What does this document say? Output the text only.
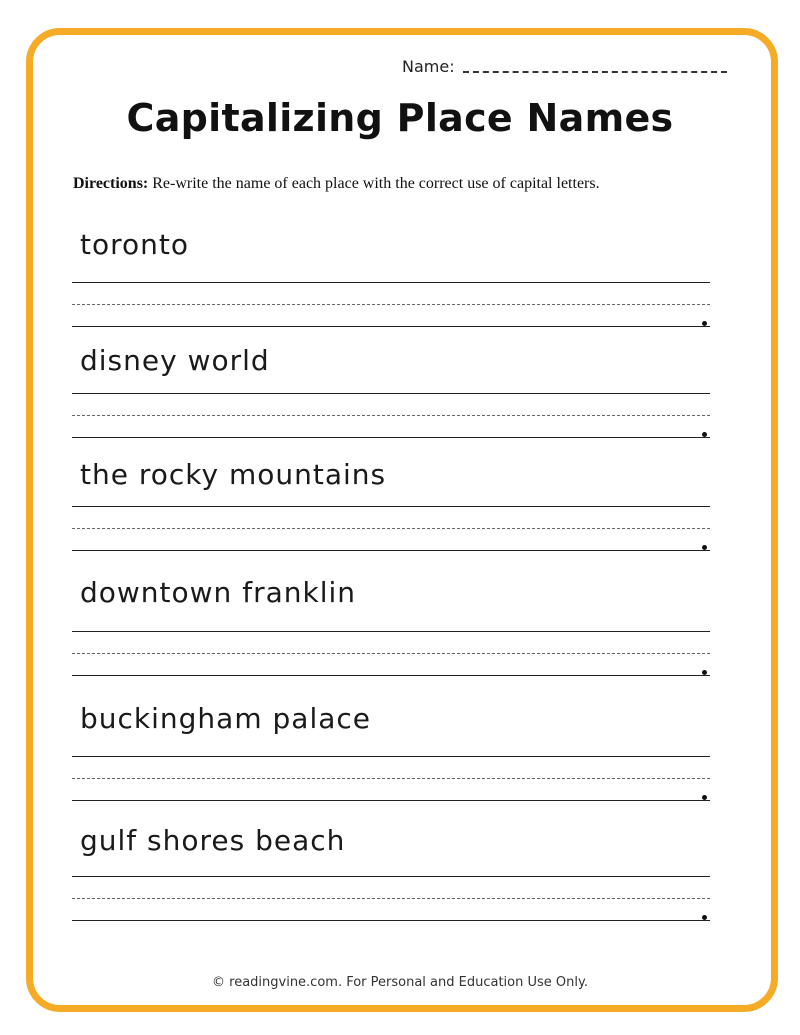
Name:
Capitalizing Place Names
Directions: Re-write the name of each place with the correct use of capital letters.
toronto
disney world
the rocky mountains
downtown franklin
buckingham palace
gulf shores beach
© readingvine.com. For Personal and Education Use Only.
